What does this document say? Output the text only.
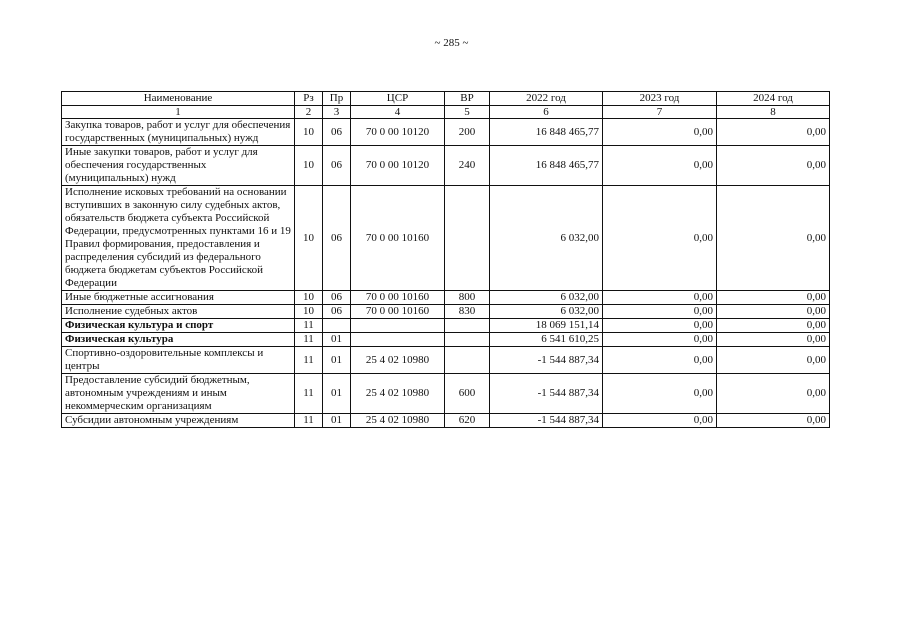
~ 285 ~
Наименование	Рз	Пр	ЦСР	ВР	2022 год	2023 год	2024 год
1	2	3	4	5	6	7	8
Закупка товаров, работ и услуг для обеспечения государственных (муниципальных) нужд	10	06	70 0 00 10120	200	16 848 465,77	0,00	0,00
Иные закупки товаров, работ и услуг для обеспечения государственных (муниципальных) нужд	10	06	70 0 00 10120	240	16 848 465,77	0,00	0,00
Исполнение исковых требований на основании вступивших в законную силу судебных актов, обязательств бюджета субъекта Российской Федерации, предусмотренных пунктами 16 и 19 Правил формирования, предоставления и распределения субсидий из федерального бюджета бюджетам субъектов Российской Федерации	10	06	70 0 00 10160		6 032,00	0,00	0,00
Иные бюджетные ассигнования	10	06	70 0 00 10160	800	6 032,00	0,00	0,00
Исполнение судебных актов	10	06	70 0 00 10160	830	6 032,00	0,00	0,00
Физическая культура и спорт	11				18 069 151,14	0,00	0,00
Физическая культура	11	01			6 541 610,25	0,00	0,00
Спортивно-оздоровительные комплексы и центры	11	01	25 4 02 10980		-1 544 887,34	0,00	0,00
Предоставление субсидий бюджетным, автономным учреждениям и иным некоммерческим организациям	11	01	25 4 02 10980	600	-1 544 887,34	0,00	0,00
Субсидии автономным учреждениям	11	01	25 4 02 10980	620	-1 544 887,34	0,00	0,00
